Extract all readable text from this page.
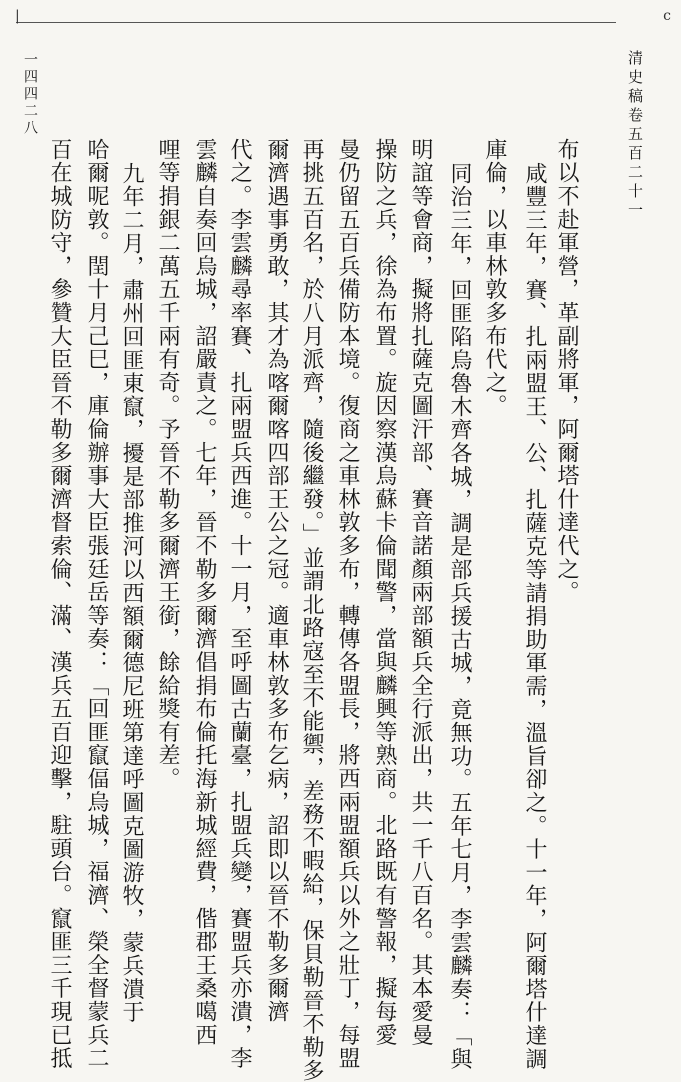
|	c
清史稿卷五百二十一
布以不赴軍營，革副將軍，阿爾塔什達代之。
咸豐三年，賽、扎兩盟王、公、扎薩克等請捐助軍需，溫旨卻之。十一年，阿爾塔什達調
庫倫，以車林敦多布代之。
同治三年，回匪陷烏魯木齊各城，調是部兵援古城，竟無功。五年七月，李雲麟奏：「與
明誼等會商，擬將扎薩克圖汗部、賽音諾顏兩部額兵全行派出，共一千八百名。其本愛曼
操防之兵，徐為布置。旋因察漢烏蘇卡倫聞警，當與麟興等熟商。北路既有警報，擬每愛
曼仍留五百兵備防本境。復商之車林敦多布，轉傳各盟長，將西兩盟額兵以外之壯丁，每盟
再挑五百名，於八月派齊，隨後繼發。」並謂北路寇至不能禦，差務不暇給，保貝勒晉不勒多
爾濟遇事勇敢，其才為喀爾喀四部王公之冠。適車林敦多布乞病，詔即以晉不勒多爾濟
代之。李雲麟尋率賽、扎兩盟兵西進。十一月，至呼圖古蘭臺，扎盟兵變，賽盟兵亦潰，李
雲麟自奏回烏城，詔嚴責之。七年，晉不勒多爾濟倡捐布倫托海新城經費，偕郡王桑噶西
哩等捐銀二萬五千兩有奇。予晉不勒多爾濟王銜，餘給獎有差。
九年二月，肅州回匪東竄，擾是部推河以西額爾德尼班第達呼圖克圖游牧，蒙兵潰于
哈爾呢敦。閏十月己巳，庫倫辦事大臣張廷岳等奏：「回匪竄偪烏城，福濟、榮全督蒙兵二
百在城防守，參贊大臣晉不勒多爾濟督索倫、滿、漢兵五百迎擊，駐頭台。竄匪三千現已抵
一四四二八
